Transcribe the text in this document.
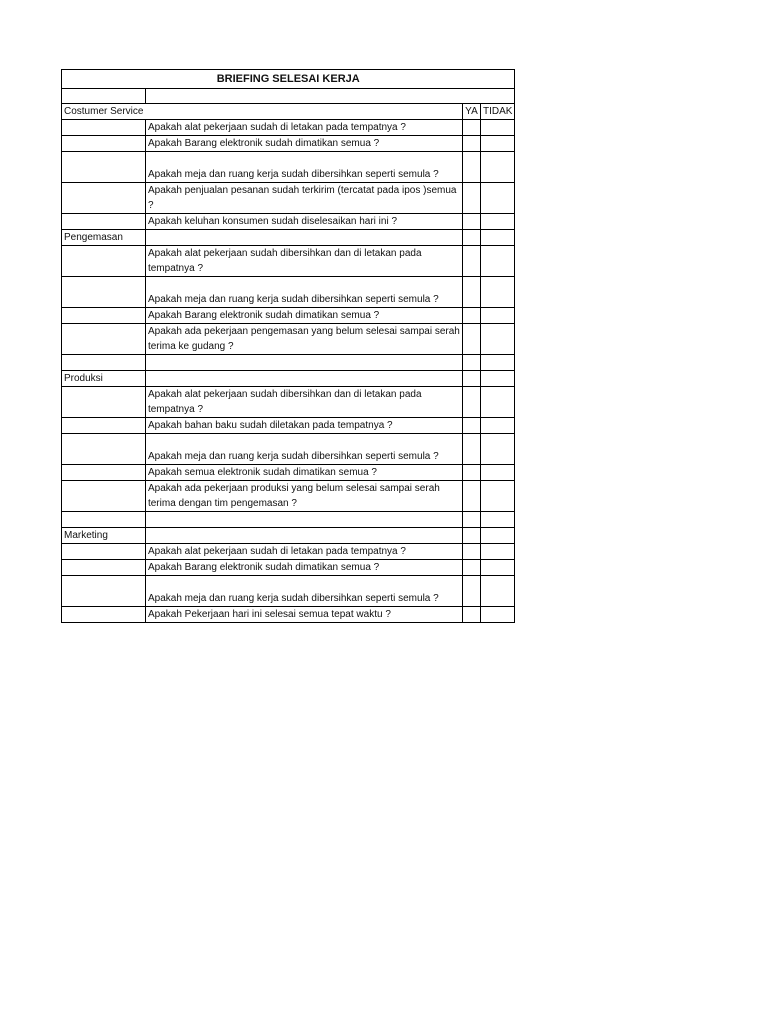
BRIEFING SELESAI KERJA			

Costumer Service		YA	TIDAK
	Apakah alat pekerjaan sudah di letakan pada tempatnya ?		
	Apakah Barang elektronik sudah dimatikan semua ?		
	Apakah meja dan ruang kerja sudah dibersihkan seperti semula ?		
	Apakah penjualan pesanan sudah terkirim (tercatat pada ipos )semua ?		
	Apakah keluhan konsumen sudah diselesaikan hari ini ?		
Pengemasan			
	Apakah alat pekerjaan sudah dibersihkan dan di letakan pada tempatnya ?		
	Apakah meja dan ruang kerja sudah dibersihkan seperti semula ?		
	Apakah Barang elektronik sudah dimatikan semua ?		
	Apakah ada pekerjaan pengemasan yang belum selesai sampai serah terima ke gudang ?		

Produksi			
	Apakah alat pekerjaan sudah dibersihkan dan di letakan pada tempatnya ?		
	Apakah bahan baku sudah diletakan pada tempatnya ?		
	Apakah meja dan ruang kerja sudah dibersihkan seperti semula ?		
	Apakah semua elektronik sudah dimatikan semua ?		
	Apakah ada pekerjaan produksi yang belum selesai sampai serah terima dengan tim pengemasan ?		

Marketing			
	Apakah alat pekerjaan sudah di letakan pada tempatnya ?		
	Apakah Barang elektronik sudah dimatikan semua ?		
	Apakah meja dan ruang kerja sudah dibersihkan seperti semula ?		
	Apakah Pekerjaan hari ini selesai semua tepat waktu ?		
